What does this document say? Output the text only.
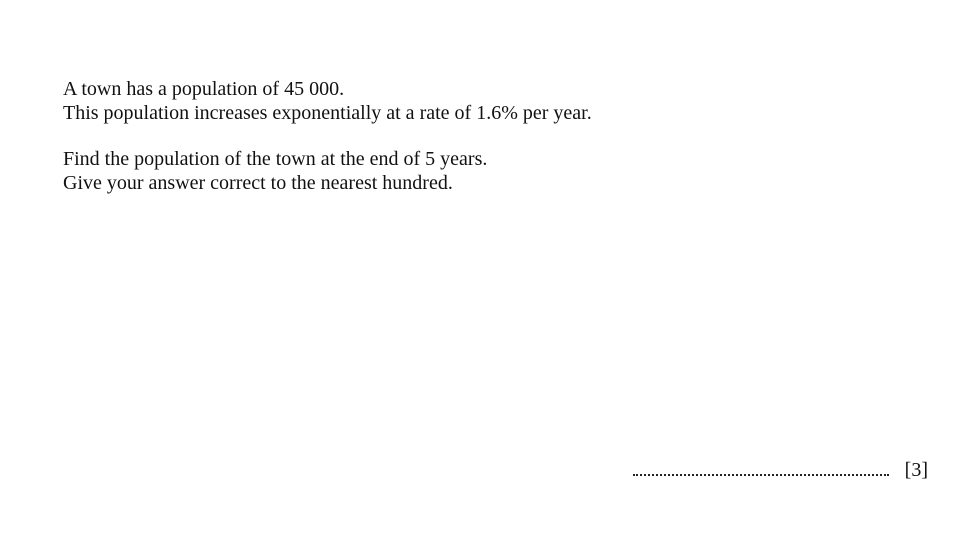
A town has a population of 45 000.
This population increases exponentially at a rate of 1.6% per year.

Find the population of the town at the end of 5 years.
Give your answer correct to the nearest hundred.

[3]
